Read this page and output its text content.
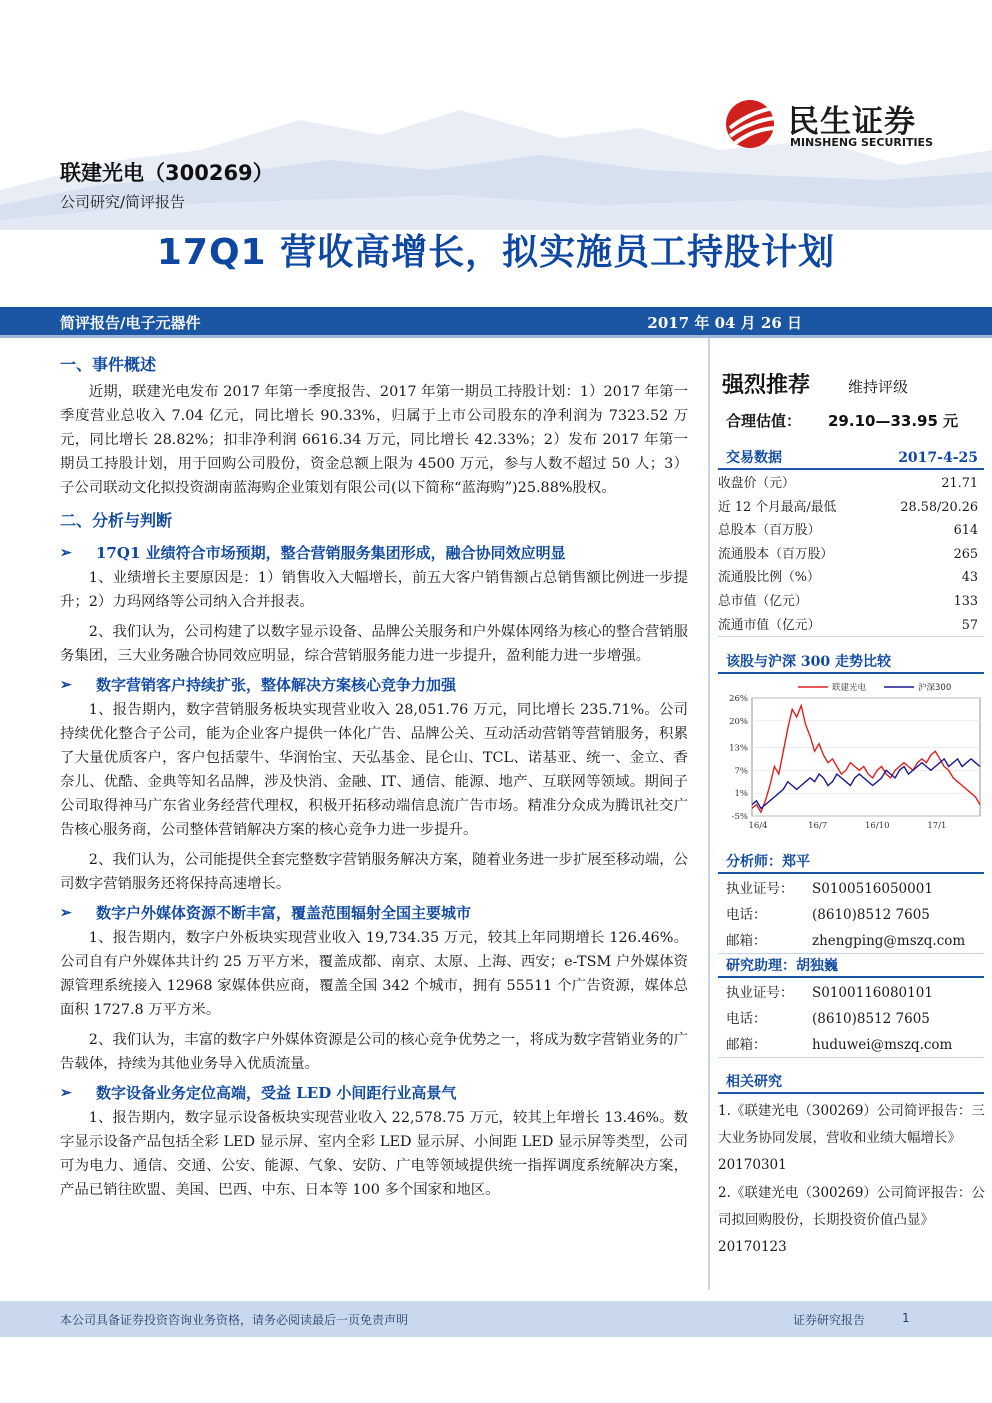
民生证券
MINSHENG SECURITIES
联建光电（300269）
公司研究/简评报告
17Q1 营收高增长，拟实施员工持股计划
简评报告/电子元器件	2017 年 04 月 26 日
一、事件概述

近期，联建光电发布 2017 年第一季度报告、2017 年第一期员工持股计划：1）2017 年第一季度营业总收入 7.04 亿元，同比增长 90.33%，归属于上市公司股东的净利润为 7323.52 万元，同比增长 28.82%；扣非净利润 6616.34 万元，同比增长 42.33%；2）发布 2017 年第一期员工持股计划，用于回购公司股份，资金总额上限为 4500 万元，参与人数不超过 50 人；3）子公司联动文化拟投资湖南蓝海购企业策划有限公司(以下简称“蓝海购”)25.88%股权。

二、分析与判断
➢ 17Q1 业绩符合市场预期，整合营销服务集团形成，融合协同效应明显

1、业绩增长主要原因是：1）销售收入大幅增长，前五大客户销售额占总销售额比例进一步提升；2）力玛网络等公司纳入合并报表。

2、我们认为，公司构建了以数字显示设备、品牌公关服务和户外媒体网络为核心的整合营销服务集团，三大业务融合协同效应明显，综合营销服务能力进一步提升，盈利能力进一步增强。

➢ 数字营销客户持续扩张，整体解决方案核心竞争力加强

1、报告期内，数字营销服务板块实现营业收入 28,051.76 万元，同比增长 235.71%。公司持续优化整合子公司，能为企业客户提供一体化广告、品牌公关、互动活动营销等营销服务，积累了大量优质客户，客户包括蒙牛、华润怡宝、天弘基金、昆仑山、TCL、诺基亚、统一、金立、香奈儿、优酷、金典等知名品牌，涉及快消、金融、IT、通信、能源、地产、互联网等领域。期间子公司取得神马广东省业务经营代理权，积极开拓移动端信息流广告市场。精准分众成为腾讯社交广告核心服务商，公司整体营销解决方案的核心竞争力进一步提升。

2、我们认为，公司能提供全套完整数字营销服务解决方案，随着业务进一步扩展至移动端，公司数字营销服务还将保持高速增长。

➢ 数字户外媒体资源不断丰富，覆盖范围辐射全国主要城市

1、报告期内，数字户外板块实现营业收入 19,734.35 万元，较其上年同期增长 126.46%。公司自有户外媒体共计约 25 万平方米，覆盖成都、南京、太原、上海、西安；e-TSM 户外媒体资源管理系统接入 12968 家媒体供应商，覆盖全国 342 个城市，拥有 55511 个广告资源，媒体总面积 1727.8 万平方米。

2、我们认为，丰富的数字户外媒体资源是公司的核心竞争优势之一，将成为数字营销业务的广告载体，持续为其他业务导入优质流量。

➢ 数字设备业务定位高端，受益 LED 小间距行业高景气

1、报告期内，数字显示设备板块实现营业收入 22,578.75 万元，较其上年增长 13.46%。数字显示设备产品包括全彩 LED 显示屏、室内全彩 LED 显示屏、小间距 LED 显示屏等类型，公司可为电力、通信、交通、公安、能源、气象、安防、广电等领域提供统一指挥调度系统解决方案，产品已销往欧盟、美国、巴西、中东、日本等 100 多个国家和地区。

强烈推荐	维持评级
合理估值： 29.10—33.95 元
交易数据	2017-4-25
收盘价（元）	21.71
近 12 个月最高/最低	28.58/20.26
总股本（百万股）	614
流通股本（百万股）	265
流通股比例（%）	43
总市值（亿元）	133
流通市值（亿元）	57
该股与沪深 300 走势比较
26%
20%
13%
7%
1%
-5%
16/4	16/7	16/10	17/1
联建光电	沪深300
分析师：郑平
执业证号： S0100516050001
电话：	(8610)8512 7605
邮箱：	zhengping@mszq.com
研究助理：胡独巍
执业证号： S0100116080101
电话：	(8610)8512 7605
邮箱：	huduwei@mszq.com
相关研究

1.《联建光电（300269）公司简评报告：三大业务协同发展，营收和业绩大幅增长》20170301

2.《联建光电（300269）公司简评报告：公司拟回购股份，长期投资价值凸显》20170123

本公司具备证券投资咨询业务资格，请务必阅读最后一页免责声明	证券研究报告	1
